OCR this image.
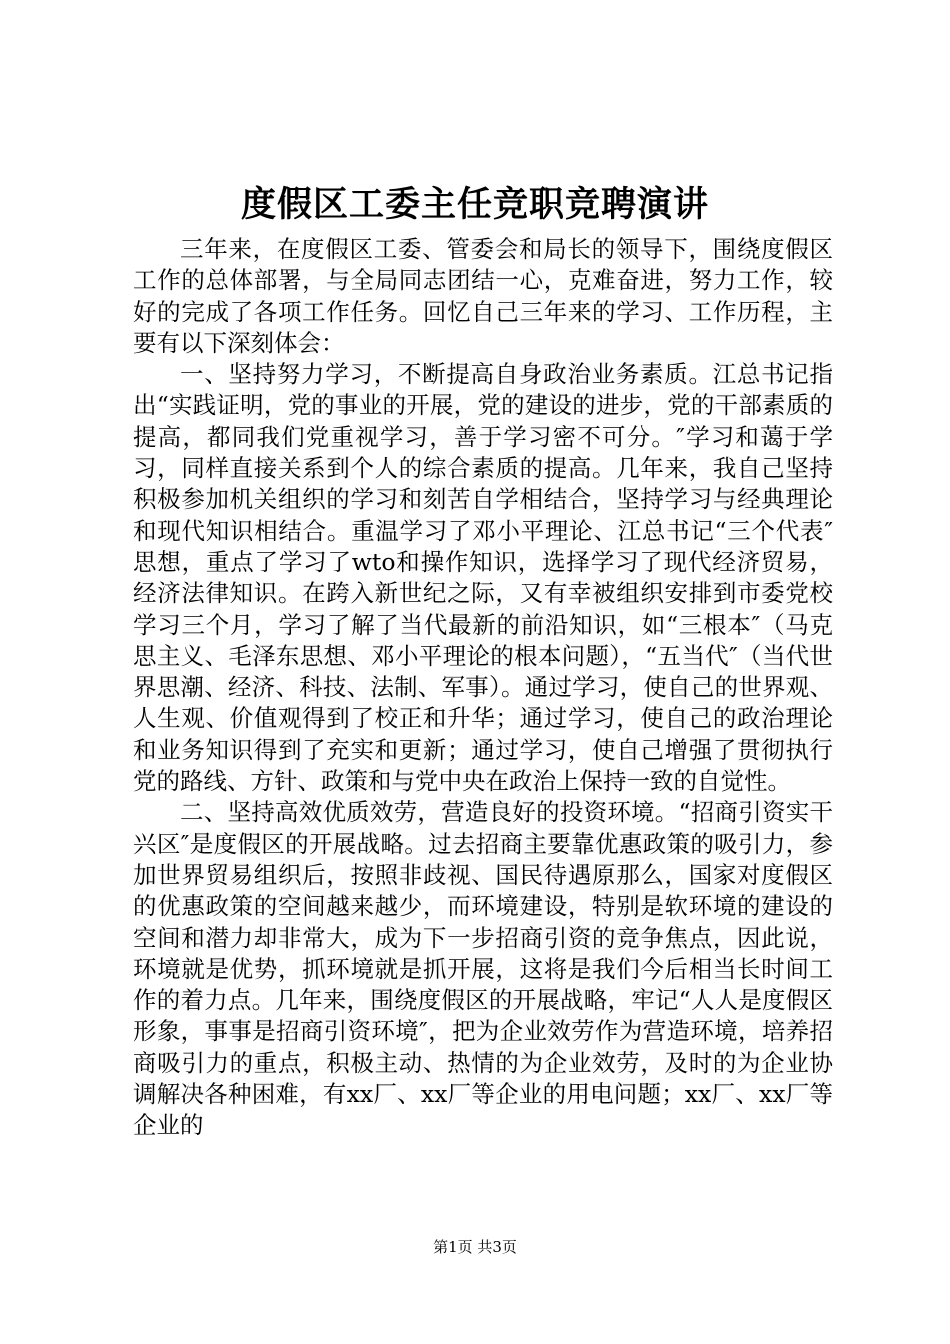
度假区工委主任竞职竞聘演讲

三年来，在度假区工委、管委会和局长的领导下，围绕度假区工作的总体部署，与全局同志团结一心，克难奋进，努力工作，较好的完成了各项工作任务。回忆自己三年来的学习、工作历程，主要有以下深刻体会：

一、坚持努力学习，不断提高自身政治业务素质。江总书记指出“实践证明，党的事业的开展，党的建设的进步，党的干部素质的提高，都同我们党重视学习，善于学习密不可分。″学习和蔼于学习，同样直接关系到个人的综合素质的提高。几年来，我自己坚持积极参加机关组织的学习和刻苦自学相结合，坚持学习与经典理论和现代知识相结合。重温学习了邓小平理论、江总书记“三个代表″思想，重点了学习了wto和操作知识，选择学习了现代经济贸易，经济法律知识。在跨入新世纪之际，又有幸被组织安排到市委党校学习三个月，学习了解了当代最新的前沿知识，如“三根本″（马克思主义、毛泽东思想、邓小平理论的根本问题），“五当代″（当代世界思潮、经济、科技、法制、军事）。通过学习，使自己的世界观、人生观、价值观得到了校正和升华；通过学习，使自己的政治理论和业务知识得到了充实和更新；通过学习，使自己增强了贯彻执行党的路线、方针、政策和与党中央在政治上保持一致的自觉性。

二、坚持高效优质效劳，营造良好的投资环境。“招商引资实干兴区″是度假区的开展战略。过去招商主要靠优惠政策的吸引力，参加世界贸易组织后，按照非歧视、国民待遇原那么，国家对度假区的优惠政策的空间越来越少，而环境建设，特别是软环境的建设的空间和潜力却非常大，成为下一步招商引资的竞争焦点，因此说，环境就是优势，抓环境就是抓开展，这将是我们今后相当长时间工作的着力点。几年来，围绕度假区的开展战略，牢记“人人是度假区形象，事事是招商引资环境″，把为企业效劳作为营造环境，培养招商吸引力的重点，积极主动、热情的为企业效劳，及时的为企业协调解决各种困难，有xx厂、xx厂等企业的用电问题；xx厂、xx厂等企业的

第1页 共3页
